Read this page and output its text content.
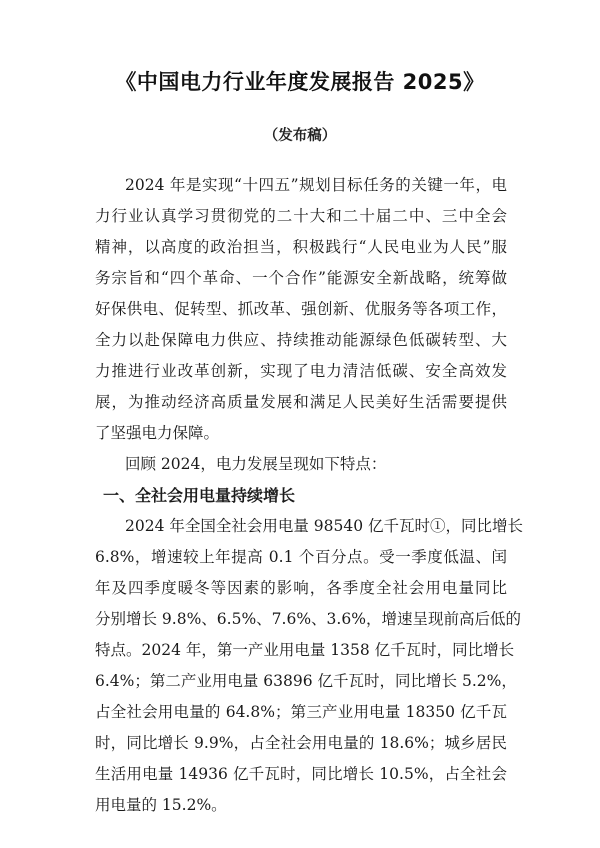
《中国电力行业年度发展报告 2025》
（发布稿）
2024 年是实现“十四五”规划目标任务的关键一年，电
力行业认真学习贯彻党的二十大和二十届二中、三中全会
精神，以高度的政治担当，积极践行“人民电业为人民”服
务宗旨和“四个革命、一个合作”能源安全新战略，统筹做
好保供电、促转型、抓改革、强创新、优服务等各项工作，
全力以赴保障电力供应、持续推动能源绿色低碳转型、大
力推进行业改革创新，实现了电力清洁低碳、安全高效发
展，为推动经济高质量发展和满足人民美好生活需要提供
了坚强电力保障。
回顾 2024，电力发展呈现如下特点：
一、全社会用电量持续增长
2024 年全国全社会用电量 98540 亿千瓦时①，同比增长
6.8%，增速较上年提高 0.1 个百分点。受一季度低温、闰
年及四季度暖冬等因素的影响，各季度全社会用电量同比
分别增长 9.8%、6.5%、7.6%、3.6%，增速呈现前高后低的
特点。2024 年，第一产业用电量 1358 亿千瓦时，同比增长
6.4%；第二产业用电量 63896 亿千瓦时，同比增长 5.2%，
占全社会用电量的 64.8%；第三产业用电量 18350 亿千瓦
时，同比增长 9.9%，占全社会用电量的 18.6%；城乡居民
生活用电量 14936 亿千瓦时，同比增长 10.5%，占全社会
用电量的 15.2%。
